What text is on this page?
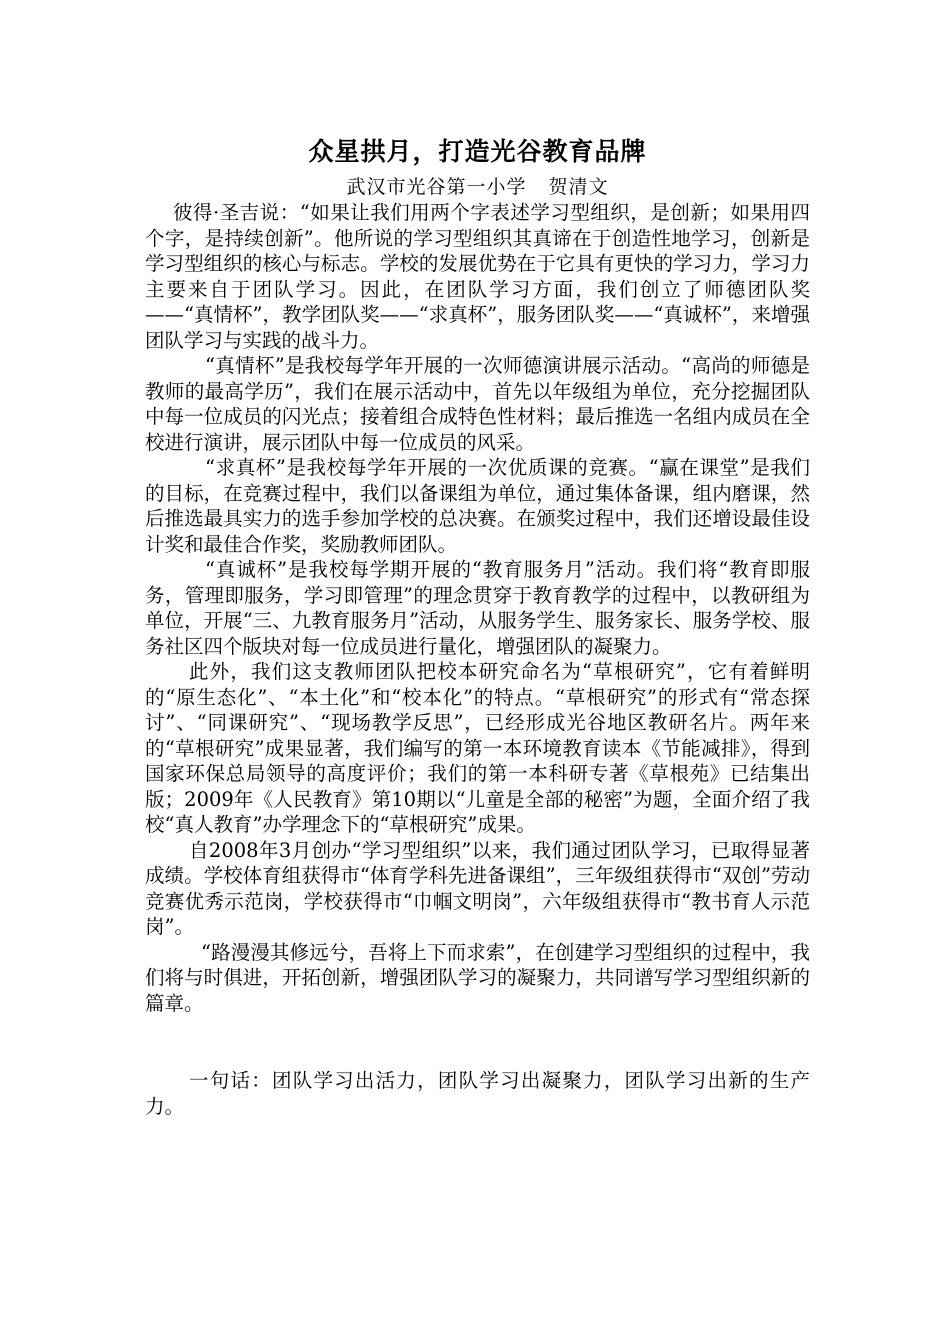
众星拱月，打造光谷教育品牌

武汉市光谷第一小学 贺清文

彼得·圣吉说：“如果让我们用两个字表述学习型组织，是创新；如果用四个字，是持续创新”。他所说的学习型组织其真谛在于创造性地学习，创新是学习型组织的核心与标志。学校的发展优势在于它具有更快的学习力，学习力主要来自于团队学习。因此，在团队学习方面，我们创立了师德团队奖——“真情杯”，教学团队奖——“求真杯”，服务团队奖——“真诚杯”，来增强团队学习与实践的战斗力。

“真情杯”是我校每学年开展的一次师德演讲展示活动。“高尚的师德是教师的最高学历”，我们在展示活动中，首先以年级组为单位，充分挖掘团队中每一位成员的闪光点；接着组合成特色性材料；最后推选一名组内成员在全校进行演讲，展示团队中每一位成员的风采。

“求真杯”是我校每学年开展的一次优质课的竞赛。“赢在课堂”是我们的目标，在竞赛过程中，我们以备课组为单位，通过集体备课，组内磨课，然后推选最具实力的选手参加学校的总决赛。在颁奖过程中，我们还增设最佳设计奖和最佳合作奖，奖励教师团队。

“真诚杯”是我校每学期开展的“教育服务月”活动。我们将“教育即服务，管理即服务，学习即管理”的理念贯穿于教育教学的过程中，以教研组为单位，开展“三、九教育服务月”活动，从服务学生、服务家长、服务学校、服务社区四个版块对每一位成员进行量化，增强团队的凝聚力。

此外，我们这支教师团队把校本研究命名为“草根研究”，它有着鲜明的“原生态化”、“本土化”和“校本化”的特点。“草根研究”的形式有“常态探讨”、“同课研究”、“现场教学反思”，已经形成光谷地区教研名片。两年来的“草根研究”成果显著，我们编写的第一本环境教育读本《节能减排》，得到国家环保总局领导的高度评价；我们的第一本科研专著《草根苑》已结集出版；2009年《人民教育》第10期以“儿童是全部的秘密”为题，全面介绍了我校“真人教育”办学理念下的“草根研究”成果。

自2008年3月创办“学习型组织”以来，我们通过团队学习，已取得显著成绩。学校体育组获得市“体育学科先进备课组”，三年级组获得市“双创”劳动竞赛优秀示范岗，学校获得市“巾帼文明岗”，六年级组获得市“教书育人示范岗”。

“路漫漫其修远兮，吾将上下而求索”，在创建学习型组织的过程中，我们将与时俱进，开拓创新，增强团队学习的凝聚力，共同谱写学习型组织新的篇章。

一句话：团队学习出活力，团队学习出凝聚力，团队学习出新的生产力。
